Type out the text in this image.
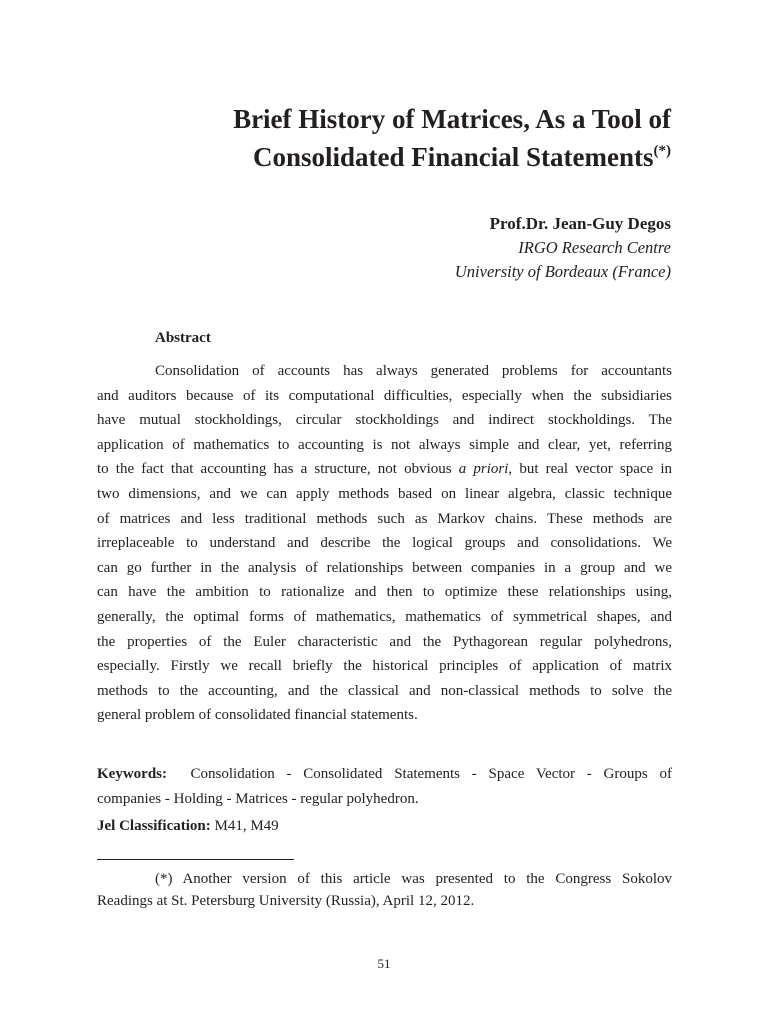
Brief History of Matrices, As a Tool of
Consolidated Financial Statements(*)
Prof.Dr. Jean-Guy Degos
IRGO Research Centre
University of Bordeaux (France)
Abstract
Consolidation of accounts has always generated problems for accountants
and auditors because of its computational difficulties, especially when the subsidiaries
have mutual stockholdings, circular stockholdings and indirect stockholdings. The
application of mathematics to accounting is not always simple and clear, yet, referring
to the fact that accounting has a structure, not obvious a priori, but real vector space in
two dimensions, and we can apply methods based on linear algebra, classic technique
of matrices and less traditional methods such as Markov chains. These methods are
irreplaceable to understand and describe the logical groups and consolidations. We
can go further in the analysis of relationships between companies in a group and we
can have the ambition to rationalize and then to optimize these relationships using,
generally, the optimal forms of mathematics, mathematics of symmetrical shapes, and
the properties of the Euler characteristic and the Pythagorean regular polyhedrons,
especially. Firstly we recall briefly the historical principles of application of matrix
methods to the accounting, and the classical and non-classical methods to solve the
general problem of consolidated financial statements.
Keywords: Consolidation - Consolidated Statements - Space Vector - Groups of
companies - Holding - Matrices - regular polyhedron.
Jel Classification: M41, M49
(*) Another version of this article was presented to the Congress Sokolov
Readings at St. Petersburg University (Russia), April 12, 2012.
51
